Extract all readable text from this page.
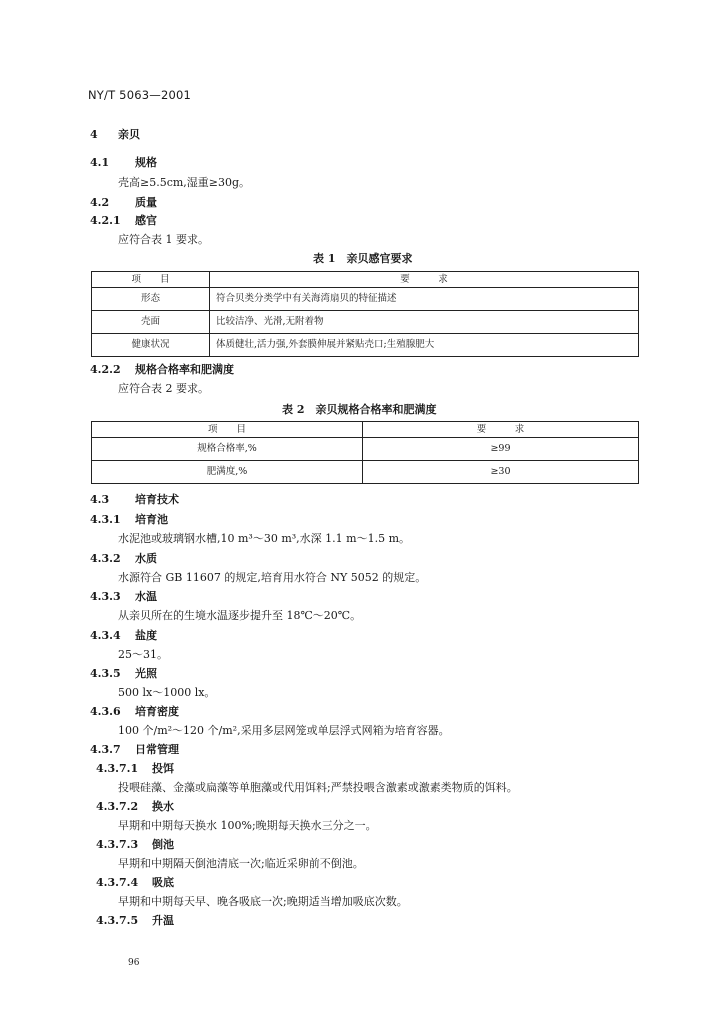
NY/T 5063—2001
4 亲贝
4.1 规格
壳高≥5.5cm,湿重≥30g。
4.2 质量
4.2.1 感官
应符合表 1 要求。
表 1　亲贝感官要求
项　　目	要　　　求
形态	符合贝类分类学中有关海湾扇贝的特征描述
壳面	比较洁净、光滑,无附着物
健康状况	体质健壮,活力强,外套膜伸展并紧贴壳口;生殖腺肥大
4.2.2 规格合格率和肥满度
应符合表 2 要求。
表 2　亲贝规格合格率和肥满度
项　　目	要　　　求
规格合格率,%	≥99
肥满度,%	≥30
4.3 培育技术
4.3.1 培育池
水泥池或玻璃钢水槽,10 m³～30 m³,水深 1.1 m～1.5 m。
4.3.2 水质
水源符合 GB 11607 的规定,培育用水符合 NY 5052 的规定。
4.3.3 水温
从亲贝所在的生境水温逐步提升至 18℃～20℃。
4.3.4 盐度
25～31。
4.3.5 光照
500 lx～1000 lx。
4.3.6 培育密度
100 个/m²～120 个/m²,采用多层网笼或单层浮式网箱为培育容器。
4.3.7 日常管理
4.3.7.1 投饵
投喂硅藻、金藻或扁藻等单胞藻或代用饵料;严禁投喂含激素或激素类物质的饵料。
4.3.7.2 换水
早期和中期每天换水 100%;晚期每天换水三分之一。
4.3.7.3 倒池
早期和中期隔天倒池清底一次;临近采卵前不倒池。
4.3.7.4 吸底
早期和中期每天早、晚各吸底一次;晚期适当增加吸底次数。
4.3.7.5 升温
96
